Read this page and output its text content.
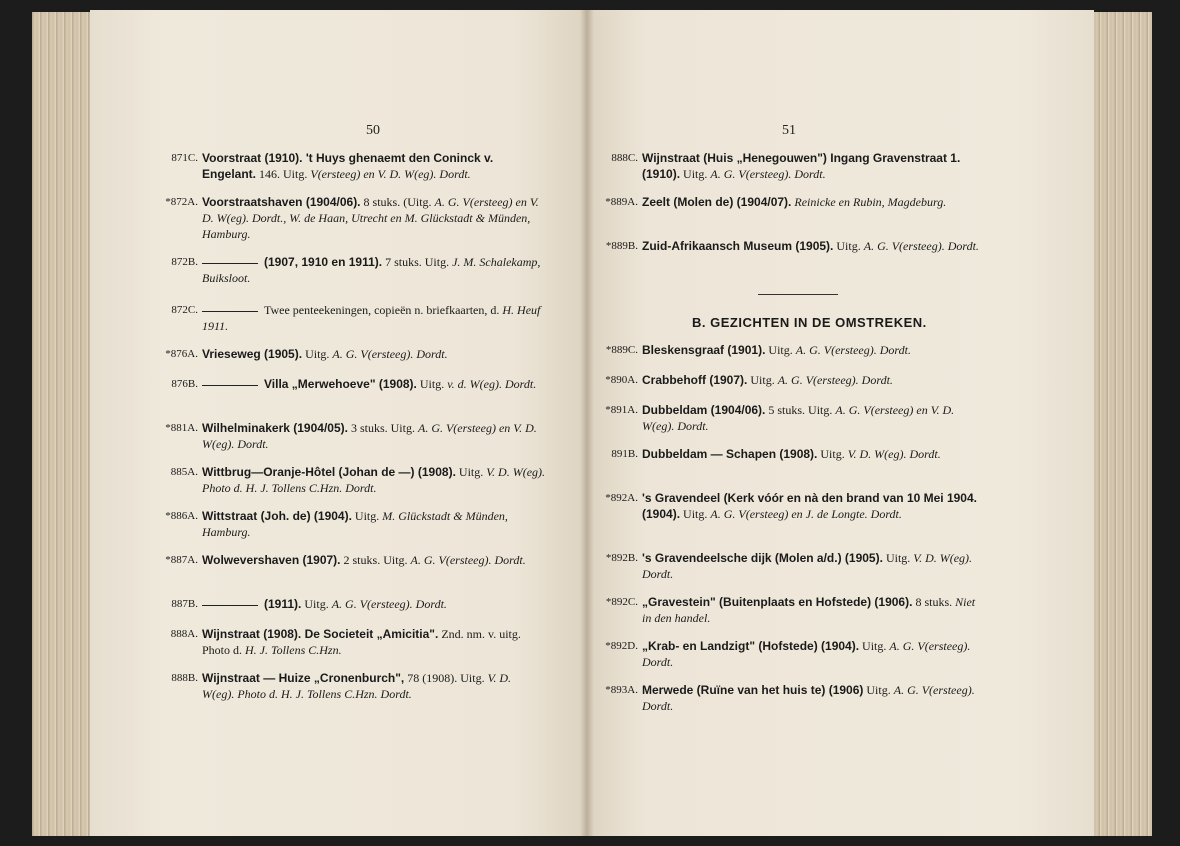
50
871C. Voorstraat (1910). 't Huys ghenaemt den Coninck v. Engelant. 146. Uitg. V(ersteeg) en V. D. W(eg). Dordt.
*872A. Voorstraatshaven (1904/06). 8 stuks. (Uitg. A. G. V(ersteeg) en V. D. W(eg). Dordt., W. de Haan, Utrecht en M. Glückstadt & Münden, Hamburg.
872B.	(1907, 1910 en 1911). 7 stuks. Uitg. J. M. Schalekamp, Buiksloot.
872C.	Twee penteekeningen, copieën n. briefkaarten, d. H. Heuf 1911.
*876A. Vrieseweg (1905). Uitg. A. G. V(ersteeg). Dordt.
876B.	Villa „Merwehoeve" (1908). Uitg. v. d. W(eg). Dordt.
*881A. Wilhelminakerk (1904/05). 3 stuks. Uitg. A. G. V(ersteeg) en V. D. W(eg). Dordt.
885A. Wittbrug—Oranje-Hôtel (Johan de —) (1908). Uitg. V. D. W(eg). Photo d. H. J. Tollens C.Hzn. Dordt.
*886A. Wittstraat (Joh. de) (1904). Uitg. M. Glückstadt & Münden, Hamburg.
*887A. Wolwevershaven (1907). 2 stuks. Uitg. A. G. V(ersteeg). Dordt.
887B.	(1911). Uitg. A. G. V(ersteeg). Dordt.
888A. Wijnstraat (1908). De Societeit „Amicitia". Znd. nm. v. uitg. Photo d. H. J. Tollens C.Hzn.
888B. Wijnstraat — Huize „Cronenburch", 78 (1908). Uitg. V. D. W(eg). Photo d. H. J. Tollens C.Hzn. Dordt.
51
888C. Wijnstraat (Huis „Henegouwen") Ingang Gravenstraat 1. (1910). Uitg. A. G. V(ersteeg). Dordt.
*889A. Zeelt (Molen de) (1904/07). Reinicke en Rubin, Magdeburg.
*889B. Zuid-Afrikaansch Museum (1905). Uitg. A. G. V(ersteeg). Dordt.
B. GEZICHTEN IN DE OMSTREKEN.
*889C. Bleskensgraaf (1901). Uitg. A. G. V(ersteeg). Dordt.
*890A. Crabbehoff (1907). Uitg. A. G. V(ersteeg). Dordt.
*891A. Dubbeldam (1904/06). 5 stuks. Uitg. A. G. V(ersteeg) en V. D. W(eg). Dordt.
891B. Dubbeldam — Schapen (1908). Uitg. V. D. W(eg). Dordt.
*892A. 's Gravendeel (Kerk vóór en nà den brand van 10 Mei 1904. (1904). Uitg. A. G. V(ersteeg) en J. de Longte. Dordt.
*892B. 's Gravendeelsche dijk (Molen a/d.) (1905). Uitg. V. D. W(eg). Dordt.
*892C. „Gravestein" (Buitenplaats en Hofstede) (1906). 8 stuks. Niet in den handel.
*892D. „Krab- en Landzigt" (Hofstede) (1904). Uitg. A. G. V(ersteeg). Dordt.
*893A. Merwede (Ruïne van het huis te) (1906) Uitg. A. G. V(ersteeg). Dordt.
